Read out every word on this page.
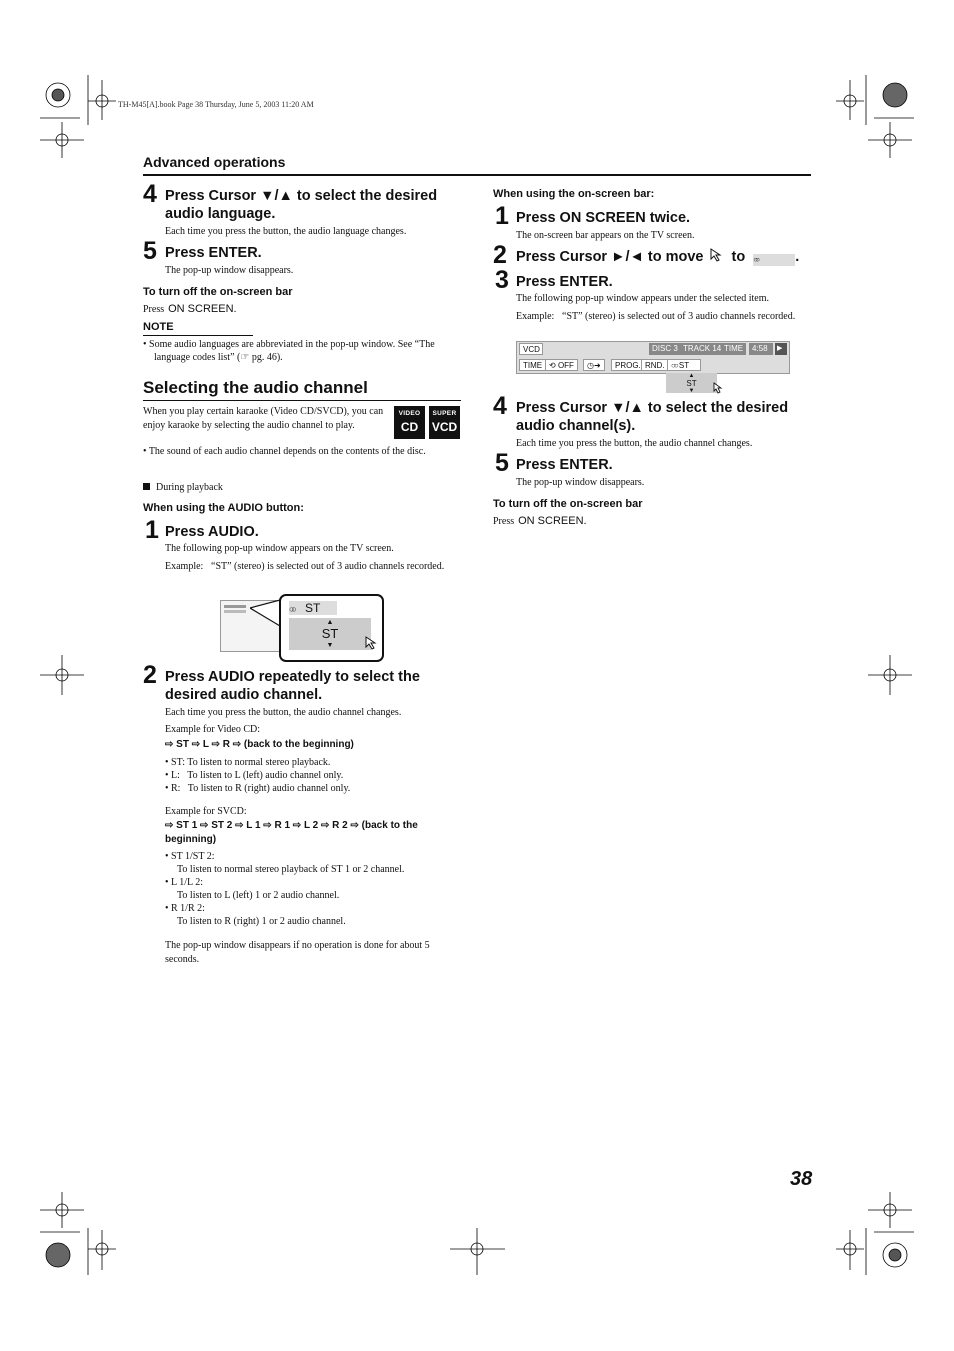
TH-M45[A].book Page 38 Thursday, June 5, 2003 11:20 AM
Advanced operations
4 Press Cursor ▼/▲ to select the desired audio language.
Each time you press the button, the audio language changes.
5 Press ENTER.
The pop-up window disappears.
To turn off the on-screen bar
Press ON SCREEN.
NOTE
• Some audio languages are abbreviated in the pop-up window. See “The language codes list” (☞ pg. 46).
Selecting the audio channel
When you play certain karaoke (Video CD/SVCD), you can enjoy karaoke by selecting the audio channel to play.
VIDEO
CD
SUPER
VCD
• The sound of each audio channel depends on the contents of the disc.
During playback
When using the AUDIO button:
1 Press AUDIO.
The following pop-up window appears on the TV screen.
Example: “ST” (stereo) is selected out of 3 audio channels recorded.
○○ ST
▲
ST
▼
2 Press AUDIO repeatedly to select the desired audio channel.
Each time you press the button, the audio channel changes.
Example for Video CD:
⇨ ST ⇨ L ⇨ R ⇨ (back to the beginning)
• ST: To listen to normal stereo playback.
• L:   To listen to L (left) audio channel only.
• R:   To listen to R (right) audio channel only.
Example for SVCD:
⇨ ST 1 ⇨ ST 2 ⇨ L 1 ⇨ R 1 ⇨ L 2 ⇨ R 2 ⇨ (back to the beginning)
• ST 1/ST 2:
To listen to normal stereo playback of ST 1 or 2 channel.
• L 1/L 2:
To listen to L (left) 1 or 2 audio channel.
• R 1/R 2:
To listen to R (right) 1 or 2 audio channel.
The pop-up window disappears if no operation is done for about 5 seconds.
When using the on-screen bar:
1 Press ON SCREEN twice.
The on-screen bar appears on the TV screen.
2 Press Cursor ►/◄ to move to ○○	.
3 Press ENTER.
The following pop-up window appears under the selected item.
Example: “ST” (stereo) is selected out of 3 audio channels recorded.
VCD	DISC 3 TRACK 14 TIME	4:58	▶
TIME ⟲ OFF	◷➜	PROG. RND. ○○ ST
▲
ST
▼
4 Press Cursor ▼/▲ to select the desired audio channel(s).
Each time you press the button, the audio channel changes.
5 Press ENTER.
The pop-up window disappears.
To turn off the on-screen bar
Press ON SCREEN.
38
